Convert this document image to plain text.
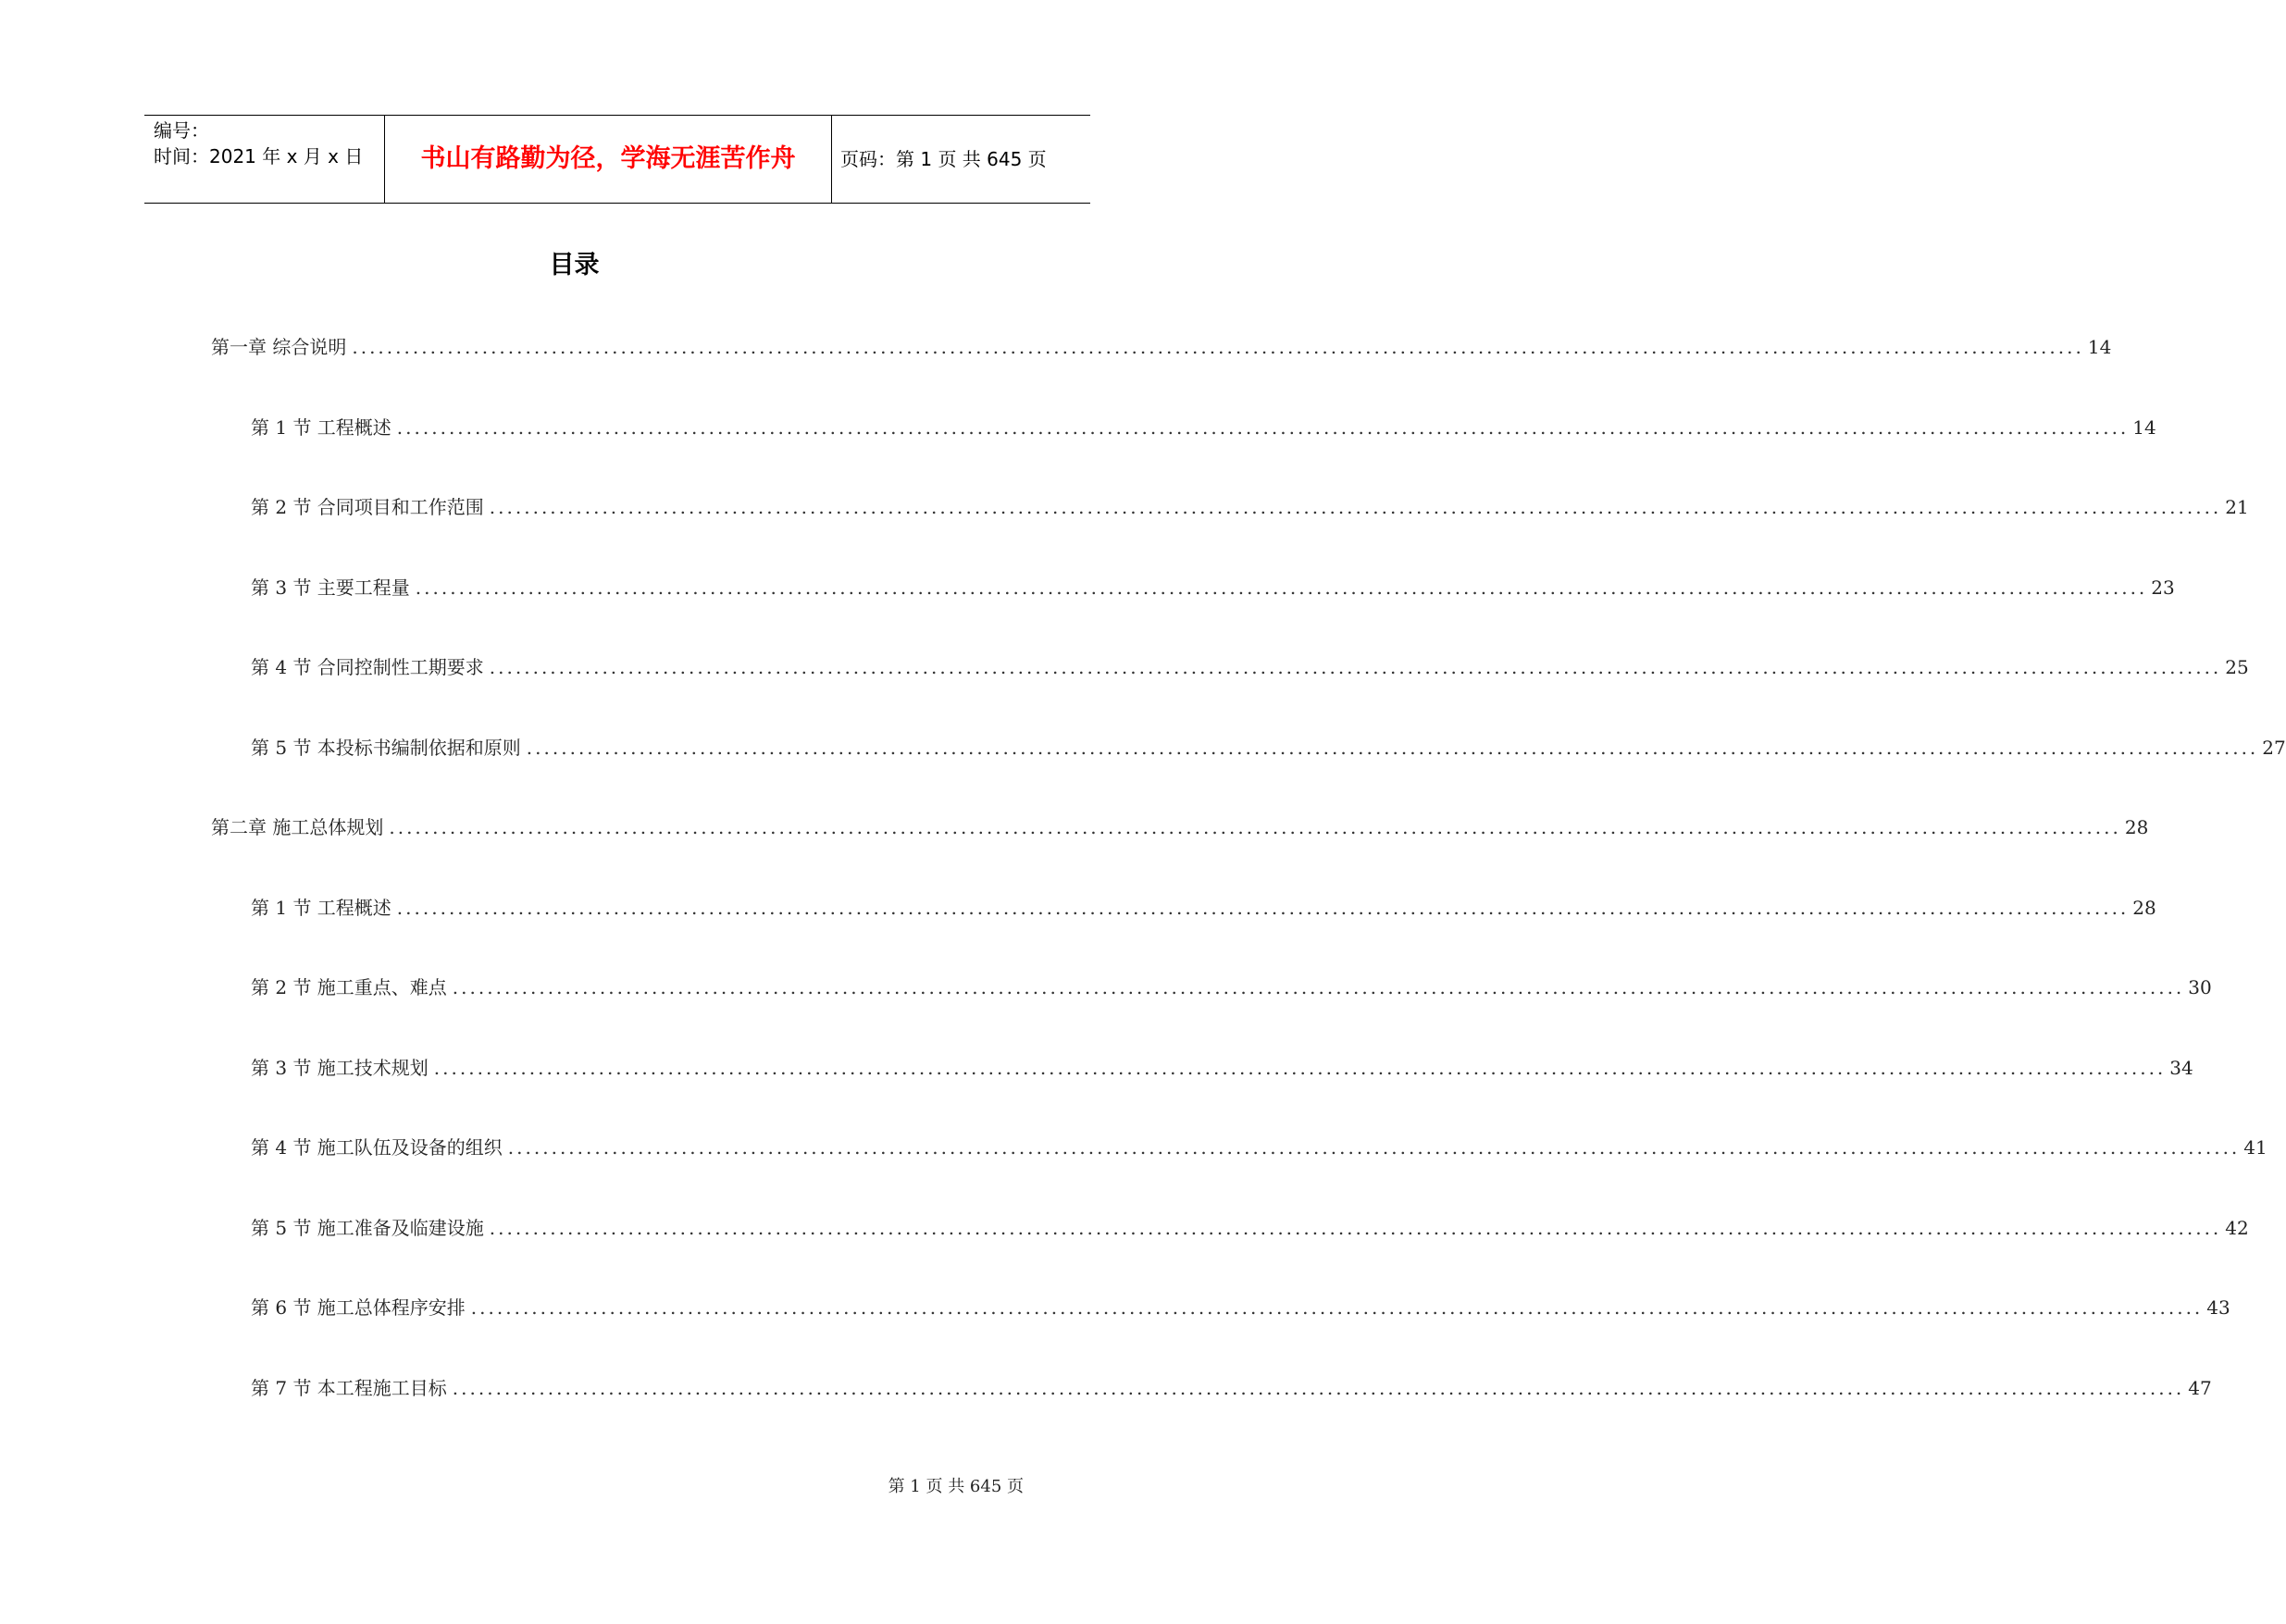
编号：
时间：2021 年 x 月 x 日	书山有路勤为径，学海无涯苦作舟	页码：第 1 页 共 645 页
目录
第一章 综合说明 ........................................................................................................................................................................................................ 14
第 1 节 工程概述 ........................................................................................................................................................................................................ 14
第 2 节 合同项目和工作范围 ........................................................................................................................................................................................................ 21
第 3 节 主要工程量 ........................................................................................................................................................................................................ 23
第 4 节 合同控制性工期要求 ........................................................................................................................................................................................................ 25
第 5 节 本投标书编制依据和原则 ........................................................................................................................................................................................................ 27
第二章 施工总体规划 ........................................................................................................................................................................................................ 28
第 1 节 工程概述 ........................................................................................................................................................................................................ 28
第 2 节 施工重点、难点 ........................................................................................................................................................................................................ 30
第 3 节 施工技术规划 ........................................................................................................................................................................................................ 34
第 4 节 施工队伍及设备的组织 ........................................................................................................................................................................................................ 41
第 5 节 施工准备及临建设施 ........................................................................................................................................................................................................ 42
第 6 节 施工总体程序安排 ........................................................................................................................................................................................................ 43
第 7 节 本工程施工目标 ........................................................................................................................................................................................................ 47
第 1 页 共 645 页
